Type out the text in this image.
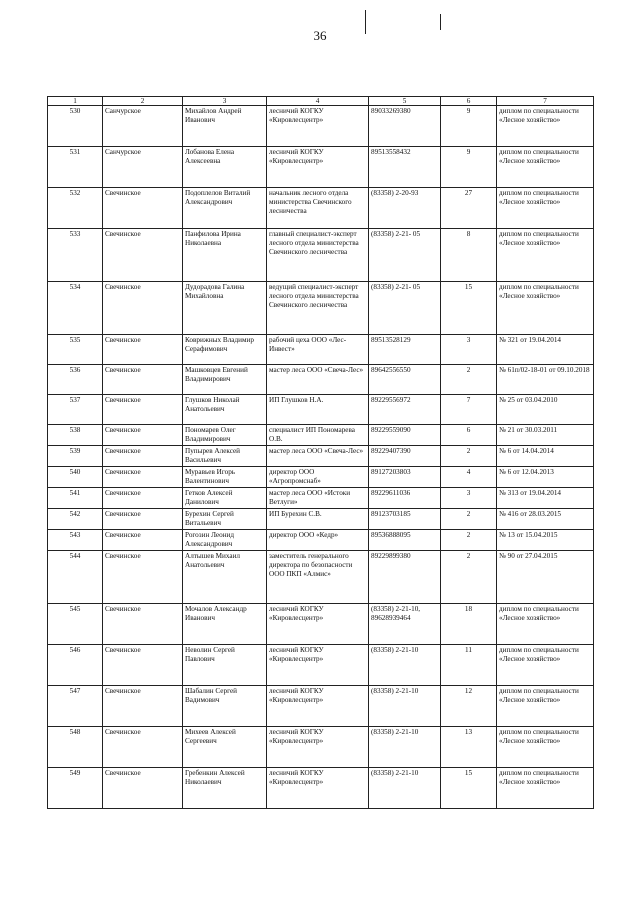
36
1	2	3	4	5	6	7
530	Санчурское	Михайлов Андрей Иванович	лесничий КОГКУ «Кировлесцентр»	89033269380	9	диплом по специальности «Лесное хозяйство»
531	Санчурское	Лобанова Елена Алексеевна	лесничий КОГКУ «Кировлесцентр»	89513558432	9	диплом по специальности «Лесное хозяйство»
532	Свечинское	Подоплелов Виталий Александрович	начальник лесного отдела министерства Свечинского лесничества	(83358) 2-20-93	27	диплом по специальности «Лесное хозяйство»
533	Свечинское	Панфилова Ирина Николаевна	главный специалист-эксперт лесного отдела министерства Свечинского лесничества	(83358) 2-21- 05	8	диплом по специальности «Лесное хозяйство»
534	Свечинское	Дудорадова Галина Михайловна	ведущий специалист-эксперт лесного отдела министерства Свечинского лесничества	(83358) 2-21- 05	15	диплом по специальности «Лесное хозяйство»
535	Свечинское	Коврижных Владимир Серафимович	рабочий цеха ООО «Лес-Инвест»	89513528129	3	№ 321 от 19.04.2014
536	Свечинское	Машковцев Евгений Владимирович	мастер леса ООО «Свеча-Лес»	89642556550	2	№ 61п/02-18-01 от 09.10.2018
537	Свечинское	Глушков Николай Анатольевич	ИП Глушков Н.А.	89229556972	7	№ 25 от 03.04.2010
538	Свечинское	Пономарев Олег Владимирович	специалист ИП Пономарева О.В.	89229559090	6	№ 21 от 30.03.2011
539	Свечинское	Пупырев Алексей Васильевич	мастер леса ООО «Свеча-Лес»	89229407390	2	№ 6 от 14.04.2014
540	Свечинское	Муравьев Игорь Валентинович	директор ООО «Агропромснаб»	89127203803	4	№ 6 от 12.04.2013
541	Свечинское	Гетков Алексей Данилович	мастер леса ООО «Истоки Ветлуги»	89229611036	3	№ 313 от 19.04.2014
542	Свечинское	Бурехин Сергей Витальевич	ИП Бурехин С.В.	89123703185	2	№ 416 от 28.03.2015
543	Свечинское	Рогозин Леонид Александрович	директор ООО «Кедр»	89536888095	2	№ 13 от 15.04.2015
544	Свечинское	Алтышев Михаил Анатольевич	заместитель генерального директора по безопасности ООО ПКП «Алмис»	89229899380	2	№ 90 от 27.04.2015
545	Свечинское	Мочалов Александр Иванович	лесничий КОГКУ «Кировлесцентр»	(83358) 2-21-10, 89628939464	18	диплом по специальности «Лесное хозяйство»
546	Свечинское	Неволин Сергей Павлович	лесничий КОГКУ «Кировлесцентр»	(83358) 2-21-10	11	диплом по специальности «Лесное хозяйство»
547	Свечинское	Шабалин Сергей Вадимович	лесничий КОГКУ «Кировлесцентр»	(83358) 2-21-10	12	диплом по специальности «Лесное хозяйство»
548	Свечинское	Михеев Алексей Сергеевич	лесничий КОГКУ «Кировлесцентр»	(83358) 2-21-10	13	диплом по специальности «Лесное хозяйство»
549	Свечинское	Гребенкин Алексей Николаевич	лесничий КОГКУ «Кировлесцентр»	(83358) 2-21-10	15	диплом по специальности «Лесное хозяйство»
